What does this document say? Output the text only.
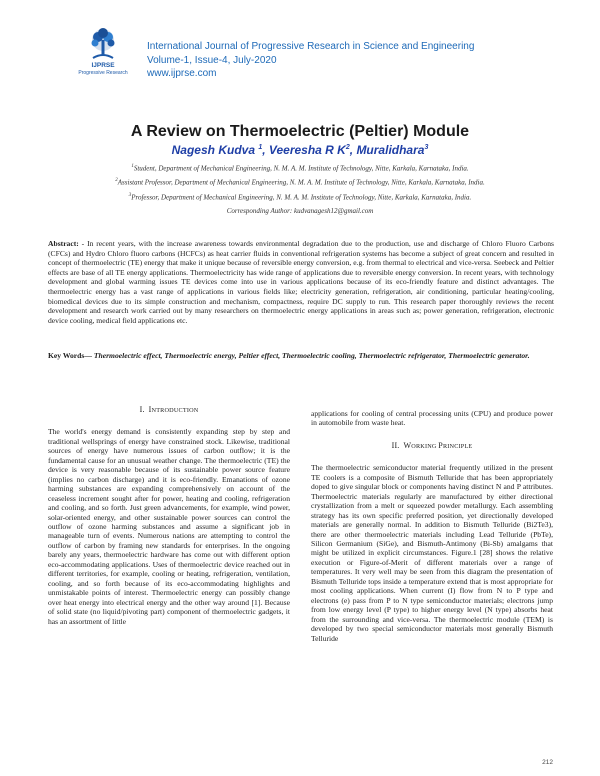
IJPRSE
Progressive Research
International Journal of Progressive Research in Science and Engineering
Volume-1, Issue-4, July-2020
www.ijprse.com
A Review on Thermoelectric (Peltier) Module
Nagesh Kudva $^1$, Veeresha R $K^2$, Muralidhara$^3$
$^1$Student, Department of Mechanical Engineering, N. M. A. M. Institute of Technology, Nitte, Karkala, Karnataka, India.
$^2$Assistant Professor, Department of Mechanical Engineering, N. M. A. M. Institute of Technology, Nitte, Karkala, Karnataka, India.
$^3$Professor, Department of Mechanical Engineering, N. M. A. M. Institute of Technology, Nitte, Karkala, Karnataka, India.
Corresponding Author: kudvanagesh12@gmail.com
Abstract: - In recent years, with the increase awareness towards environmental degradation due to the production, use and discharge of Chloro Fluoro Carbons (CFCs) and Hydro Chloro fluoro carbons (HCFCs) as heat carrier fluids in conventional refrigeration systems has become a subject of great concern and resulted in concept of thermoelectric (TE) energy that make it unique because of reversible energy conversion, e.g. from thermal to electrical and vice-versa. Seebeck and Peltier effects are base of all TE energy applications. Thermoelectricity has wide range of applications due to reversible energy conversion. In recent years, with technology development and global warming issues TE devices come into use in various applications because of its eco-friendly feature and distinct advantages. The thermoelectric energy has a vast range of applications in various fields like; electricity generation, refrigeration, air conditioning, particular heating/cooling, biomedical devices due to its simple construction and mechanism, compactness, require DC supply to run. This research paper thoroughly reviews the recent development and research work carried out by many researchers on thermoelectric energy applications in areas such as; power generation, refrigeration, electronic device cooling, medical field applications etc.
Key Words— Thermoelectric effect, Thermoelectric energy, Peltier effect, Thermoelectric cooling, Thermoelectric refrigerator, Thermoelectric generator.
I. INTRODUCTION
The world's energy demand is consistently expanding step by step and traditional wellsprings of energy have constrained stock. Likewise, traditional sources of energy have numerous issues of carbon outflow; it is the fundamental cause for an unusual weather change. The thermoelectric (TE) the device is very reasonable because of its sustainable power source feature (implies no carbon discharge) and it is eco-friendly. Emanations of ozone harming substances are expanding comprehensively on account of the ceaseless increment sought after for power, heating and cooling, refrigeration and cooling, and so forth. Just green advancements, for example, wind power, solar-oriented energy, and other sustainable power sources can control the outflow of ozone harming substances and assume a significant job in manageable turn of events. Numerous nations are attempting to control the outflow of carbon by framing new standards for enterprises. In the ongoing barely any years, thermoelectric hardware has come out with different option eco-accommodating applications. Uses of thermoelectric device reached out in different territories, for example, cooling or heating, refrigeration, ventilation, cooling, and so forth because of its eco-accommodating highlights and unmistakable points of interest. Thermoelectric energy can possibly change over heat energy into electrical energy and the other way around [1]. Because of solid state (no liquid/pivoting part) component of thermoelectric gadgets, it has an assortment of little
applications for cooling of central processing units (CPU) and produce power in automobile from waste heat.
II. WORKING PRINCIPLE
The thermoelectric semiconductor material frequently utilized in the present TE coolers is a composite of Bismuth Telluride that has been appropriately doped to give singular block or components having distinct N and P attributes. Thermoelectric materials regularly are manufactured by either directional crystallization from a melt or squeezed powder metallurgy. Each assembling strategy has its own specific preferred position, yet directionally developed materials are generally normal. In addition to Bismuth Telluride (Bi2Te3), there are other thermoelectric materials including Lead Telluride (PbTe), Silicon Germanium (SiGe), and Bismuth-Antimony (Bi-Sb) amalgams that might be utilized in explicit circumstances. Figure.1 [28] shows the relative execution or Figure-of-Merit of different materials over a range of temperatures. It very well may be seen from this diagram the presentation of Bismuth Telluride tops inside a temperature extend that is most appropriate for most cooling applications. When current (I) flow from N to P type and electrons (e) pass from P to N type semiconductor materials; electrons jump from low energy level (P type) to higher energy level (N type) absorbs heat from the surrounding and vice-versa. The thermoelectric module (TEM) is developed by two special semiconductor materials most generally Bismuth Telluride
212
